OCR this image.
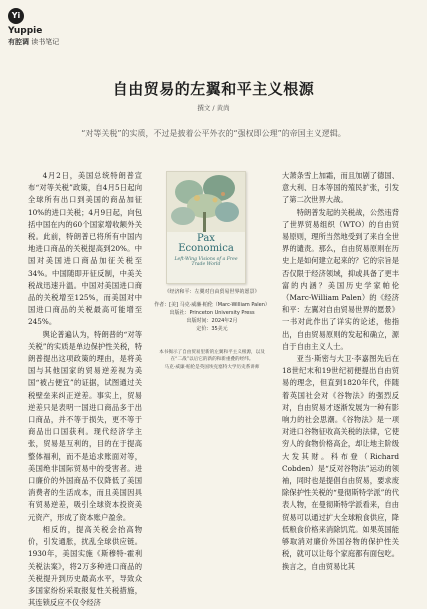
Yi
Yuppie
有腔调 读书笔记
自由贸易的左翼和平主义根源
撰文 / 黄尚
“对等关税”的实质，不过是披着公平外衣的“强权即公理”的帝国主义逻辑。

4月2日，美国总统特朗普宣布“对等关税”政策，自4月5日起向全球所有出口到美国的商品加征10%的进口关税；4月9日起，向包括中国在内的60个国家增收额外关税。此前，特朗普已将所有中国内地进口商品的关税提高到20%。中国对美国进口商品加征关税至34%。中国随即开征反制，中美关税战迅速升温。中国对美国进口商品的关税增至125%，而美国对中国进口商品的关税最高可能增至245%。

舆论普遍认为，特朗普的“对等关税”的实质是单边保护性关税，特朗普提出这项政策的理由，是将美国与其他国家的贸易逆差视为美国“被占便宜”的证据，试图通过关税壁垒来纠正逆差。事实上，贸易逆差只是表明一国进口商品多于出口商品，并不等于损失，更不等于商品出口国获利。现代经济学主张，贸易是互利的，目的在于提高整体福利，而不是追求账面对等，美国绝非国际贸易中的受害者。进口廉价的外国商品不仅降低了美国消费者的生活成本，而且美国因具有贸易逆差，吸引全球资本投资美元资产，形成了资本账户盈余。

相反的，提高关税会抬高物价，引发通胀，扰乱全球供应链。1930年，美国实施《斯穆特-霍利关税法案》，将2万多种进口商品的关税提升到历史最高水平，导致众多国家纷纷采取报复性关税措施，其连锁反应不仅令经济

Pax
Economica
Left-Wing Visions of a Free Trade World
《经济和平：左翼对自由贸易世界的愿景》
作者：[美] 马克·威廉·帕伦（Marc-William Palen）
出版社：Princeton University Press
出版时间：2024年2月
定价：35美元
本书揭示了自由贸易里新的左翼和平主义根源，以及在“二战”以后它的新的和新重叠的经纬。
马克-威廉·帕伦是英国埃克塞特大学历史系讲师

大萧条雪上加霜，而且加剧了德国、意大利、日本等国的殖民扩张，引发了第二次世界大战。

特朗普发起的关税战，公然违背了世界贸易组织（WTO）的自由贸易原则，理所当然地受到了来自全世界的谴责。那么，自由贸易原则在历史上是如何建立起来的？它的宗旨是否仅限于经济领域，抑或具备了更丰富的内涵？美国历史学家帕伦（Marc-William Palen）的《经济和平：左翼对自由贸易世界的愿景》一书对此作出了详实的论述，他指出，自由贸易原则的发起和确立，源自于自由主义人士。

亚当·斯密与大卫·李嘉图先后在18世纪末和19世纪初便提出自由贸易的理念，但直到1820年代，伴随着英国社会对《谷物法》的强烈反对，自由贸易才逐渐发展为一种有影响力的社会思潮。《谷物法》是一项对进口谷物征收高关税的法律，它使穷人的食物价格高企，却让地主阶级大发其财。科布登（Richard Cobden）是“反对谷物法”运动的领袖，同时也是提倡自由贸易，要求废除保护性关税的“曼彻斯特学派”的代表人物，在曼彻斯特学派看来，自由贸易可以通过扩大全球粮食供应，降低粮食价格来消除饥荒。如果英国能够取消对廉价外国谷物的保护性关税，就可以让每个家庭都有面包吃。换言之，自由贸易比其
